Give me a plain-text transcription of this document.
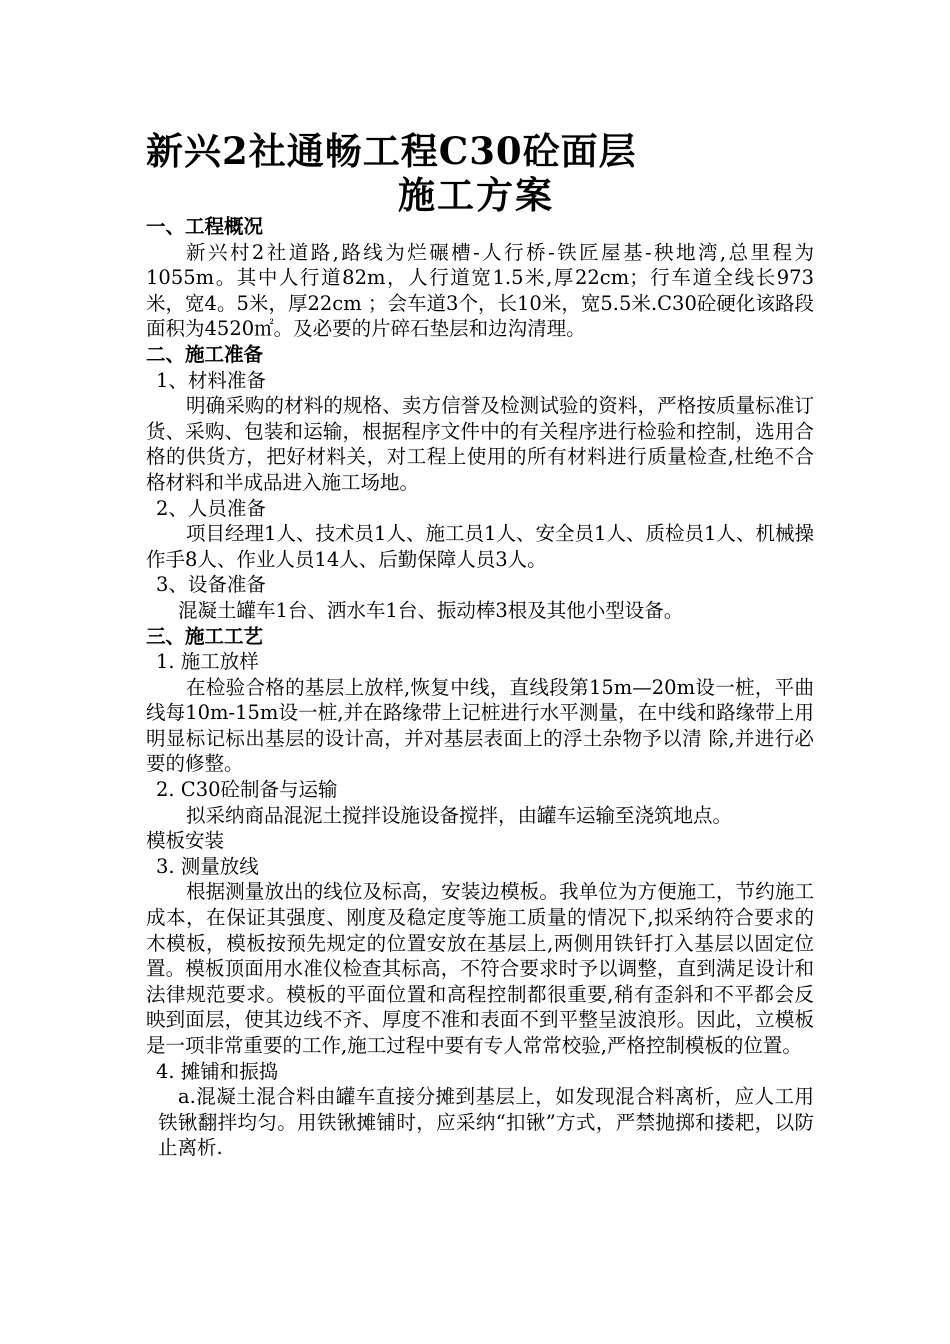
新兴2社通畅工程C30砼面层
施工方案

一、工程概况

新兴村2社道路,路线为烂碾槽-人行桥-铁匠屋基-秧地湾,总里程为1055m。其中人行道82m，人行道宽1.5米,厚22cm；行车道全线长973米，宽4。5米，厚22cm ；会车道3个，长10米，宽5.5米.C30砼硬化该路段面积为4520㎡。及必要的片碎石垫层和边沟清理。

二、施工准备

1、材料准备

明确采购的材料的规格、卖方信誉及检测试验的资料，严格按质量标准订货、采购、包装和运输，根据程序文件中的有关程序进行检验和控制，选用合格的供货方，把好材料关，对工程上使用的所有材料进行质量检查,杜绝不合格材料和半成品进入施工场地。

2、人员准备

项目经理1人、技术员1人、施工员1人、安全员1人、质检员1人、机械操作手8人、作业人员14人、后勤保障人员3人。

3、设备准备

混凝土罐车1台、洒水车1台、振动棒3根及其他小型设备。

三、施工工艺

1. 施工放样

在检验合格的基层上放样,恢复中线，直线段第15m—20m设一桩，平曲线每10m-15m设一桩,并在路缘带上记桩进行水平测量，在中线和路缘带上用明显标记标出基层的设计高，并对基层表面上的浮土杂物予以清 除,并进行必要的修整。

2. C30砼制备与运输

拟采纳商品混泥土搅拌设施设备搅拌，由罐车运输至浇筑地点。

模板安装

3. 测量放线

根据测量放出的线位及标高，安装边模板。我单位为方便施工，节约施工成本，在保证其强度、刚度及稳定度等施工质量的情况下,拟采纳符合要求的木模板，模板按预先规定的位置安放在基层上,两侧用铁钎打入基层以固定位置。模板顶面用水准仪检查其标高，不符合要求时予以调整，直到满足设计和法律规范要求。模板的平面位置和高程控制都很重要,稍有歪斜和不平都会反映到面层，使其边线不齐、厚度不准和表面不到平整呈波浪形。因此，立模板是一项非常重要的工作,施工过程中要有专人常常校验,严格控制模板的位置。

4. 摊铺和振捣

a.混凝土混合料由罐车直接分摊到基层上，如发现混合料离析，应人工用铁锹翻拌均匀。用铁锹摊铺时，应采纳“扣锹”方式，严禁抛掷和搂耙，以防止离析.
